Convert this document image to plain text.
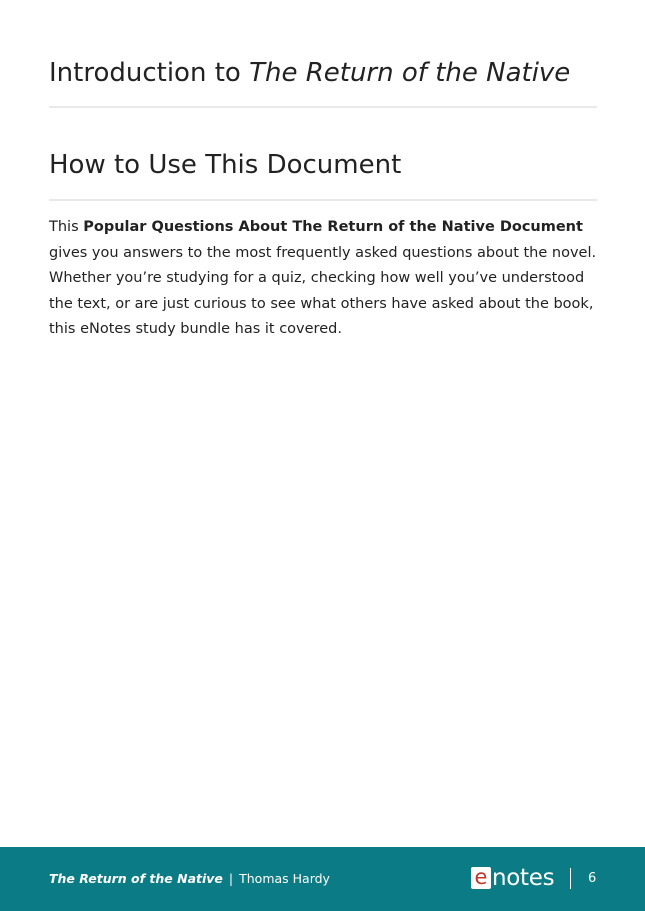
Introduction to The Return of the Native
How to Use This Document

This Popular Questions About The Return of the Native Document gives you answers to the most frequently asked questions about the novel. Whether you’re studying for a quiz, checking how well you’ve understood the text, or are just curious to see what others have asked about the book, this eNotes study bundle has it covered.

The Return of the Native | Thomas Hardy	e notes	6
